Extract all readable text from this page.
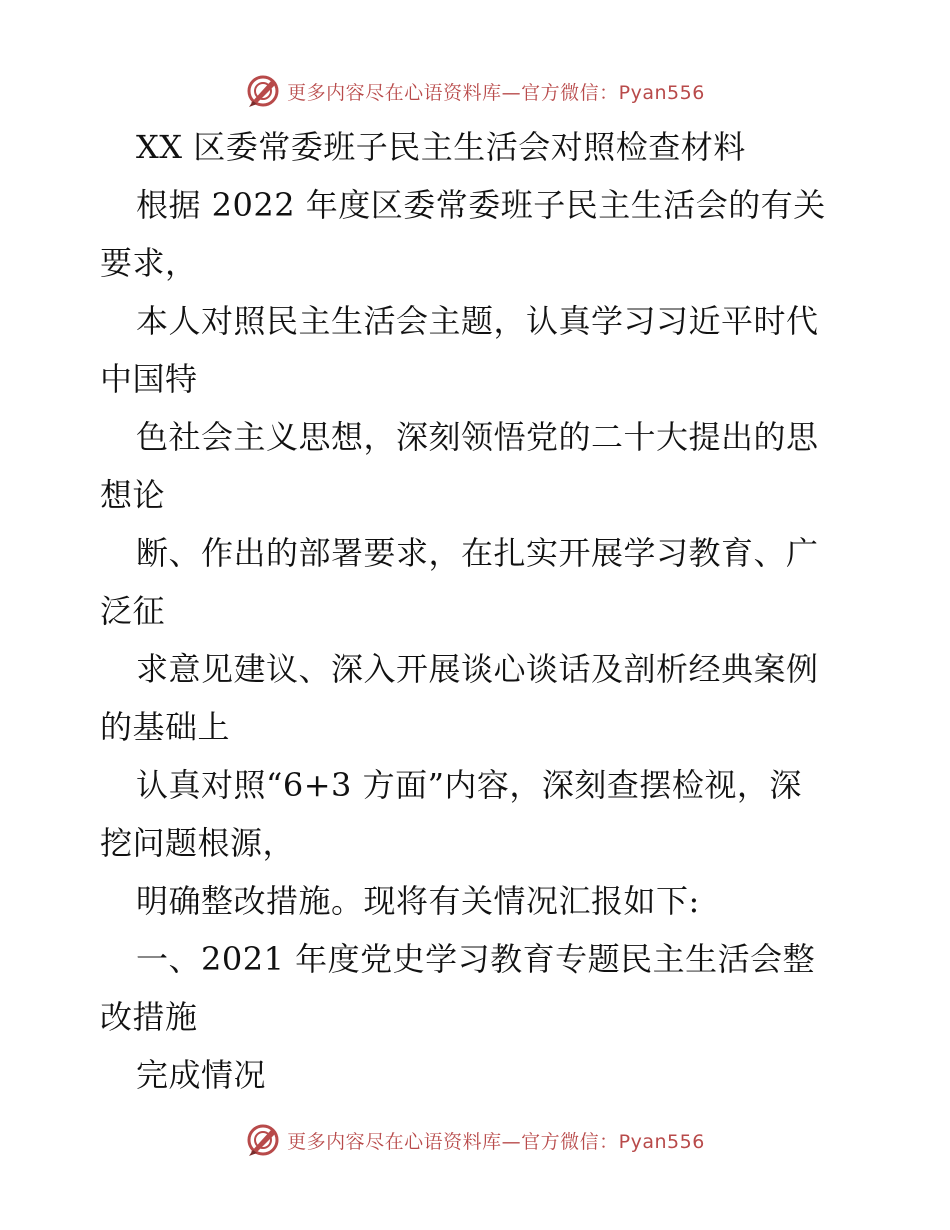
更多内容尽在心语资料库—官方微信：Pyan556
XX 区委常委班子民主生活会对照检查材料
根据 2022 年度区委常委班子民主生活会的有关
要求，
本人对照民主生活会主题，认真学习习近平时代
中国特
色社会主义思想，深刻领悟党的二十大提出的思
想论
断、作出的部署要求，在扎实开展学习教育、广
泛征
求意见建议、深入开展谈心谈话及剖析经典案例
的基础上
认真对照“6+3 方面”内容，深刻查摆检视，深
挖问题根源，
明确整改措施。现将有关情况汇报如下:
一、2021 年度党史学习教育专题民主生活会整
改措施
完成情况
更多内容尽在心语资料库—官方微信：Pyan556
